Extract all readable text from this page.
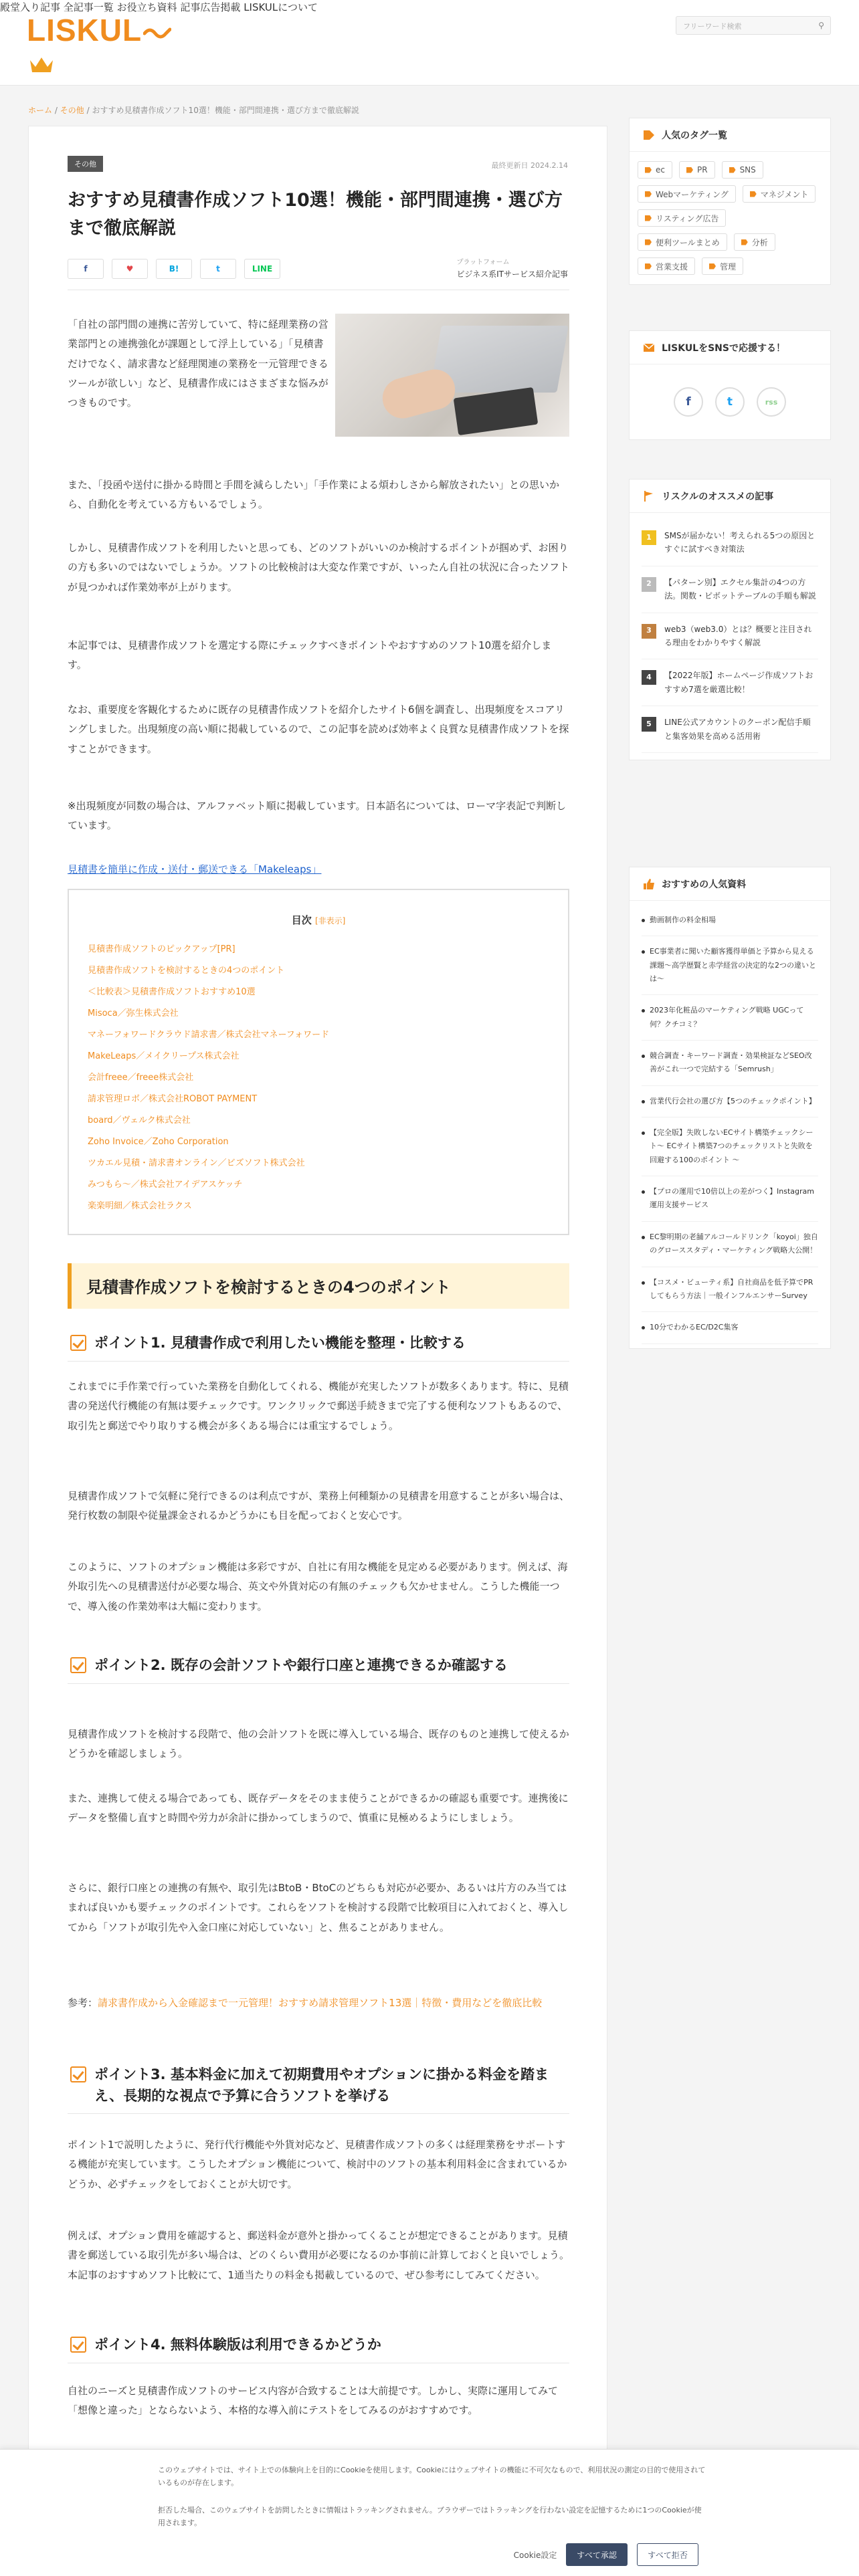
LISKUL	フリーワード検索	⚲
殿堂入り記事 全記事一覧 お役立ち資料 記事広告掲載 LISKULについて
ホーム / その他 / おすすめ見積書作成ソフト10選！機能・部門間連携・選び方まで徹底解説
その他	最終更新日 2024.2.14
おすすめ見積書作成ソフト10選！機能・部門間連携・選び方まで徹底解説
f	♥	B!	t	LINE
プラットフォーム
ビジネス系ITサービス紹介記事

「自社の部門間の連携に苦労していて、特に経理業務の営業部門との連携強化が課題として浮上している」「見積書だけでなく、請求書など経理関連の業務を一元管理できるツールが欲しい」など、見積書作成にはさまざまな悩みがつきものです。

また、「投函や送付に掛かる時間と手間を減らしたい」「手作業による煩わしさから解放されたい」との思いから、自動化を考えている方もいるでしょう。

しかし、見積書作成ソフトを利用したいと思っても、どのソフトがいいのか検討するポイントが掴めず、お困りの方も多いのではないでしょうか。ソフトの比較検討は大変な作業ですが、いったん自社の状況に合ったソフトが見つかれば作業効率が上がります。

本記事では、見積書作成ソフトを選定する際にチェックすべきポイントやおすすめのソフト10選を紹介します。

なお、重要度を客観化するために既存の見積書作成ソフトを紹介したサイト6個を調査し、出現頻度をスコアリングしました。出現頻度の高い順に掲載しているので、この記事を読めば効率よく良質な見積書作成ソフトを探すことができます。

※出現頻度が同数の場合は、アルファベット順に掲載しています。日本語名については、ローマ字表記で判断しています。

見積書を簡単に作成・送付・郵送できる「Makeleaps」
目次 [非表示]
見積書作成ソフトのピックアップ[PR]
見積書作成ソフトを検討するときの4つのポイント
＜比較表＞見積書作成ソフトおすすめ10選
Misoca／弥生株式会社
マネーフォワードクラウド請求書／株式会社マネーフォワード
MakeLeaps／メイクリープス株式会社
会計freee／freee株式会社
請求管理ロボ／株式会社ROBOT PAYMENT
board／ヴェルク株式会社
Zoho Invoice／Zoho Corporation
ツカエル見積・請求書オンライン／ビズソフト株式会社
みつもら～／株式会社アイデアスケッチ
楽楽明細／株式会社ラクス
見積書作成ソフトを検討するときの4つのポイント
ポイント1. 見積書作成で利用したい機能を整理・比較する

これまでに手作業で行っていた業務を自動化してくれる、機能が充実したソフトが数多くあります。特に、見積書の発送代行機能の有無は要チェックです。ワンクリックで郵送手続きまで完了する便利なソフトもあるので、取引先と郵送でやり取りする機会が多くある場合には重宝するでしょう。

見積書作成ソフトで気軽に発行できるのは利点ですが、業務上何種類かの見積書を用意することが多い場合は、発行枚数の制限や従量課金されるかどうかにも目を配っておくと安心です。

このように、ソフトのオプション機能は多彩ですが、自社に有用な機能を見定める必要があります。例えば、海外取引先への見積書送付が必要な場合、英文や外貨対応の有無のチェックも欠かせません。こうした機能一つで、導入後の作業効率は大幅に変わります。

ポイント2. 既存の会計ソフトや銀行口座と連携できるか確認する

見積書作成ソフトを検討する段階で、他の会計ソフトを既に導入している場合、既存のものと連携して使えるかどうかを確認しましょう。

また、連携して使える場合であっても、既存データをそのまま使うことができるかの確認も重要です。連携後にデータを整備し直すと時間や労力が余計に掛かってしまうので、慎重に見極めるようにしましょう。

さらに、銀行口座との連携の有無や、取引先はBtoB・BtoCのどちらも対応が必要か、あるいは片方のみ当てはまれば良いかも要チェックのポイントです。これらをソフトを検討する段階で比較項目に入れておくと、導入してから「ソフトが取引先や入金口座に対応していない」と、焦ることがありません。

参考：請求書作成から入金確認まで一元管理！おすすめ請求管理ソフト13選｜特徴・費用などを徹底比較

ポイント3. 基本料金に加えて初期費用やオプションに掛かる料金を踏まえ、長期的な視点で予算に合うソフトを挙げる

ポイント1で説明したように、発行代行機能や外貨対応など、見積書作成ソフトの多くは経理業務をサポートする機能が充実しています。こうしたオプション機能について、検討中のソフトの基本利用料金に含まれているかどうか、必ずチェックをしておくことが大切です。

例えば、オプション費用を確認すると、郵送料金が意外と掛かってくることが想定できることがあります。見積書を郵送している取引先が多い場合は、どのくらい費用が必要になるのか事前に計算しておくと良いでしょう。本記事のおすすめソフト比較にて、1通当たりの料金も掲載しているので、ぜひ参考にしてみてください。

ポイント4. 無料体験版は利用できるかどうか

自社のニーズと見積書作成ソフトのサービス内容が合致することは大前提です。しかし、実際に運用してみて「想像と違った」とならないよう、本格的な導入前にテストをしてみるのがおすすめです。

人気のタグ一覧
ec	PR	SNS
Webマーケティング	マネジメント
リスティング広告
便利ツールまとめ	分析
営業支援	管理
LISKULをSNSで応援する！
f	t	rss
リスクルのオススメの記事
1	SMSが届かない！考えられる5つの原因とすぐに試すべき対策法
2	【パターン別】エクセル集計の4つの方法。関数・ピボットテーブルの手順も解説
3	web3（web3.0）とは？概要と注目される理由をわかりやすく解説
4	【2022年版】ホームページ作成ソフトおすすめ7選を厳選比較！
5	LINE公式アカウントのクーポン配信手順と集客効果を高める活用術
おすすめの人気資料
動画制作の料金相場
EC事業者に聞いた顧客獲得単価と予算から見える課題〜高学歴賢と赤学経営の決定的な2つの違いとは〜
2023年化粧品のマーケティング戦略 UGCって何？クチコミ？
競合調査・キーワード調査・効果検証などSEO改善がこれ一つで完結する「Semrush」
営業代行会社の選び方【5つのチェックポイント】
【完全版】失敗しないECサイト構築チェックシート〜 ECサイト構築7つのチェックリストと失敗を回避する100のポイント 〜
【プロの運用で10倍以上の差がつく】Instagram運用支援サービス
EC黎明期の老舗アルコールドリンク「koyoi」独自のグローススタディ・マーケティング戦略大公開！
【コスメ・ビューティ系】自社商品を低予算でPRしてもらう方法｜一般インフルエンサーSurvey
10分でわかるEC/D2C集客

このウェブサイトでは、サイト上での体験向上を目的にCookieを使用します。Cookieにはウェブサイトの機能に不可欠なもので、利用状況の測定の目的で使用されているものが存在します。

拒否した場合、このウェブサイトを訪問したときに情報はトラッキングされません。ブラウザーではトラッキングを行わない設定を記憶するために1つのCookieが使用されます。

Cookie設定	すべて承認	すべて拒否
